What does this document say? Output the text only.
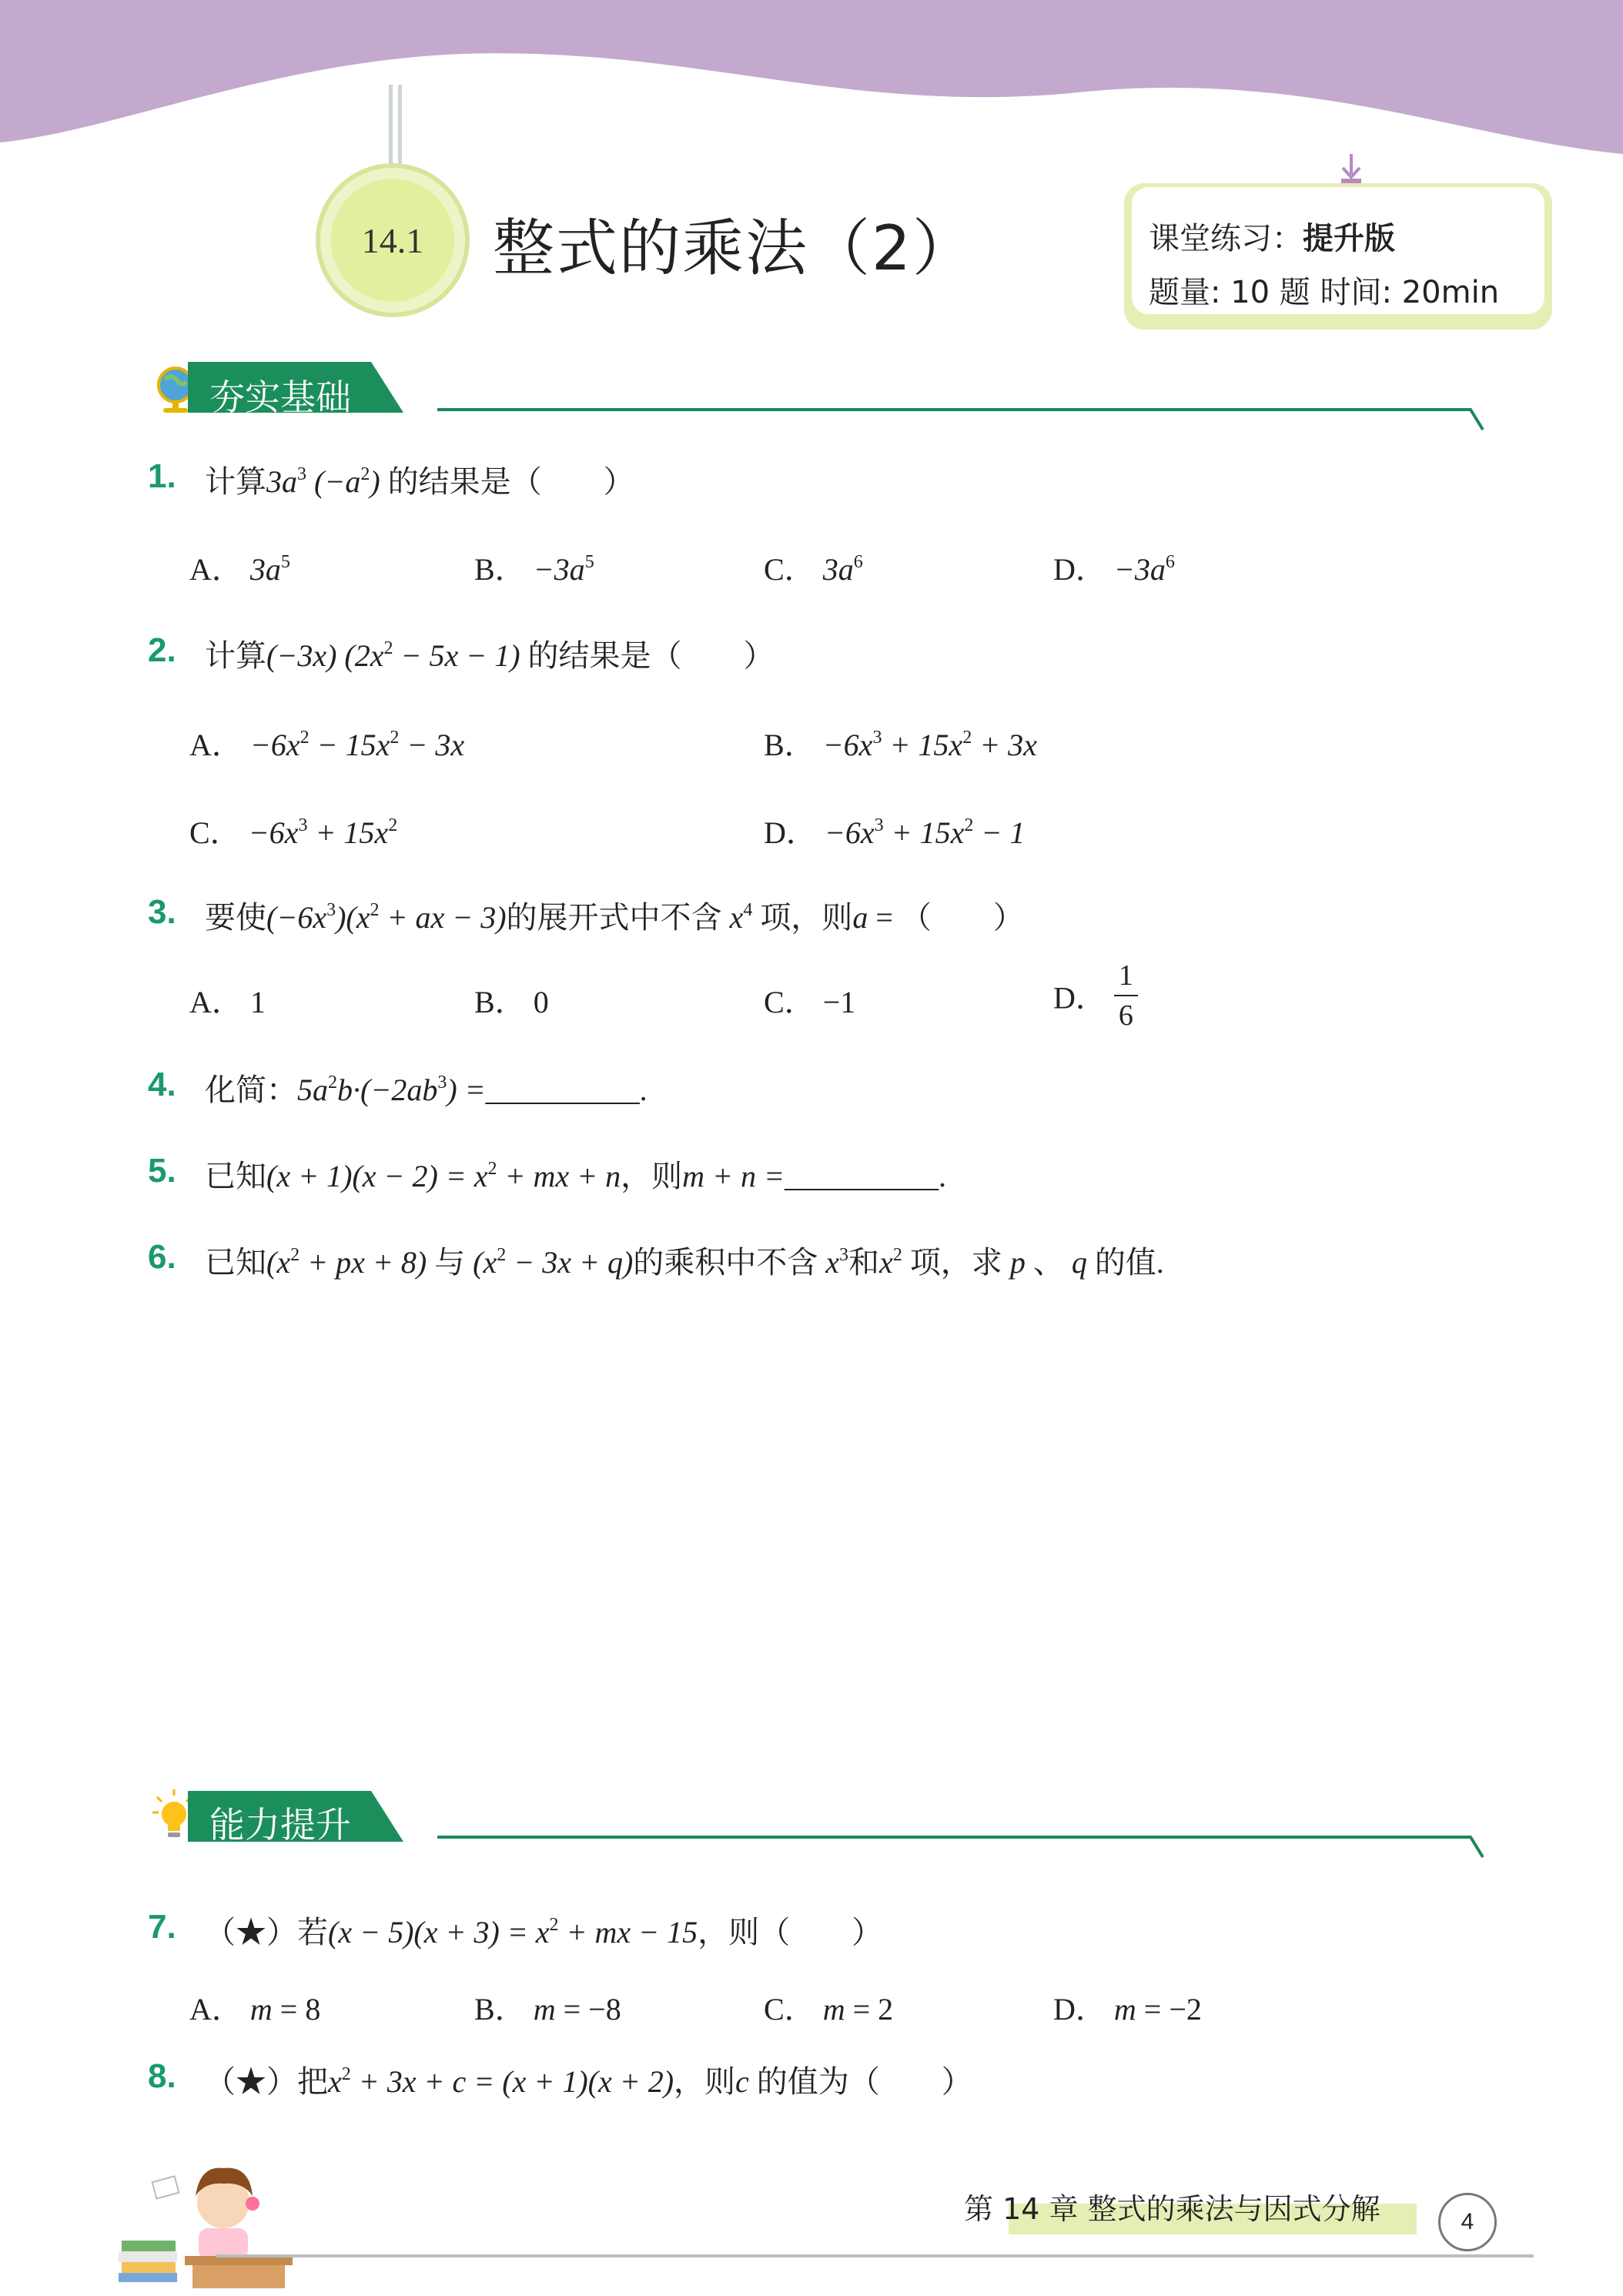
14.1	整式的乘法（2）	课堂练习：提升版
题量: 10 题 时间: 20min
夯实基础
1. 计算$3a^3$ $(-a^2)$ 的结果是（　　）
A． $3a^5$	B． $-3a^5$	C． $3a^6$	D． $-3a^6$
2. 计算(−3x) $(2x^2 - 5x - 1)$ 的结果是（　　）
A． $-6x^2 - 15x^2 - 3x$	B． $-6x^3 + 15x^2 + 3x$
C． $-6x^3 + 15x^2$	D． $-6x^3 + 15x^2 - 1$
3. 要使$(-6x^3)(x^2$ + ax − 3)的展开式中不含 $x^4$ 项，则a = （　　）
A． 1	B． 0	C． −1	D． $\frac{1}{6}$
4. 化简：$5a^2b\cdot(-2ab^3)$ =__________.
5. 已知$(x + 1)(x - 2) = x^2$ + mx + n，则m + n =__________.
6. 已知($x^2$ + px + 8) 与 $(x^2 - 3x + q)$的乘积中不含 $x^3$和$x^2$ 项，求 p 、 q 的值.
能力提升
7. （★）若$(x - 5)(x + 3) = x^2$ + mx − 15，则（　　）
A． m = 8	B． m = −8	C． m = 2	D． m = −2
8. （★）把$x^2 + 3x + c = (x + 1)(x + 2)$，则c 的值为（　　）
第 14 章 整式的乘法与因式分解	4
